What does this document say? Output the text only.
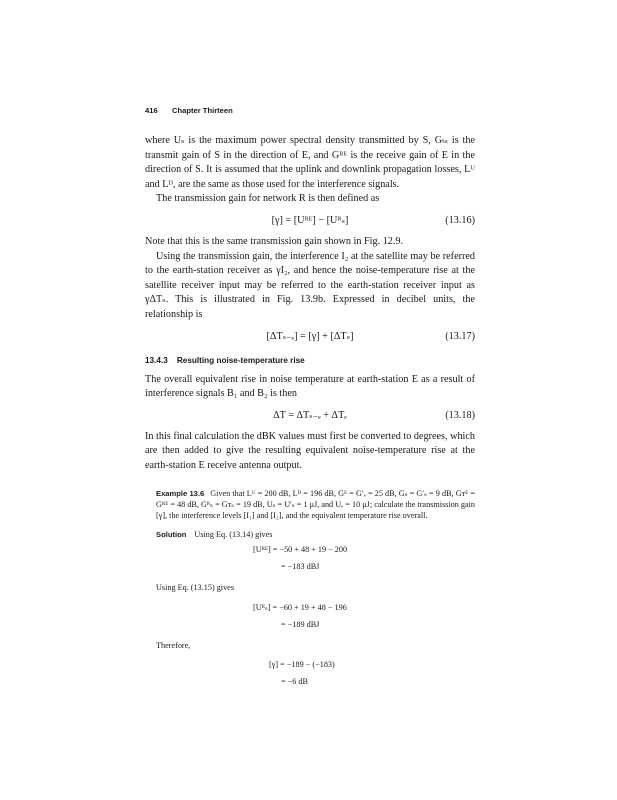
416 Chapter Thirteen

where Uₛ is the maximum power spectral density transmitted by S, Gₜₛ is the transmit gain of S in the direction of E, and Gᴿᴱ is the receive gain of E in the direction of S. It is assumed that the uplink and downlink propagation losses, Lᵁ and Lᴰ, are the same as those used for the interference signals.

The transmission gain for network R is then defined as

[γ] = [Uᴿᴱ] − [Uᴿₛ]	(13.16)

Note that this is the same transmission gain shown in Fig. 12.9.

Using the transmission gain, the interference I₂ at the satellite may be referred to the earth-station receiver as γI₂, and hence the noise-temperature rise at the satellite receiver input may be referred to the earth-station receiver input as γΔTₛ. This is illustrated in Fig. 13.9b. Expressed in decibel units, the relationship is

[ΔTₛ₋ₑ] = [γ] + [ΔTₛ]	(13.17)
13.4.3 Resulting noise-temperature rise

The overall equivalent rise in noise temperature at earth-station E as a result of interference signals B₁ and B₂ is then

ΔT = ΔTₛ₋ₑ + ΔTₑ	(13.18)

In this final calculation the dBK values must first be converted to degrees, which are then added to give the resulting equivalent noise-temperature rise at the earth-station E receive antenna output.

Example 13.6 Given that Lᵁ = 200 dB, Lᴰ = 196 dB, Gᴱ = G′ₑ = 25 dB, Gₛ = G′ₛ = 9 dB, Gᴛᴱ = Gᴿᴱ = 48 dB, Gᴿₛ = Gᴛₛ = 19 dB, Uₛ = U′ₛ = 1 μJ, and Uₑ = 10 μJ; calculate the transmission gain [γ], the interference levels [I₁] and [I₂], and the equivalent temperature rise overall.

Solution Using Eq. (13.14) gives
[Uᴿᴱ] = −50 + 48 + 19 − 200
= −183 dBJ
Using Eq. (13.15) gives
[Uᴿₛ] = −60 + 19 + 48 − 196
= −189 dBJ
Therefore,
[γ] = −189 − (−183)
= −6 dB
